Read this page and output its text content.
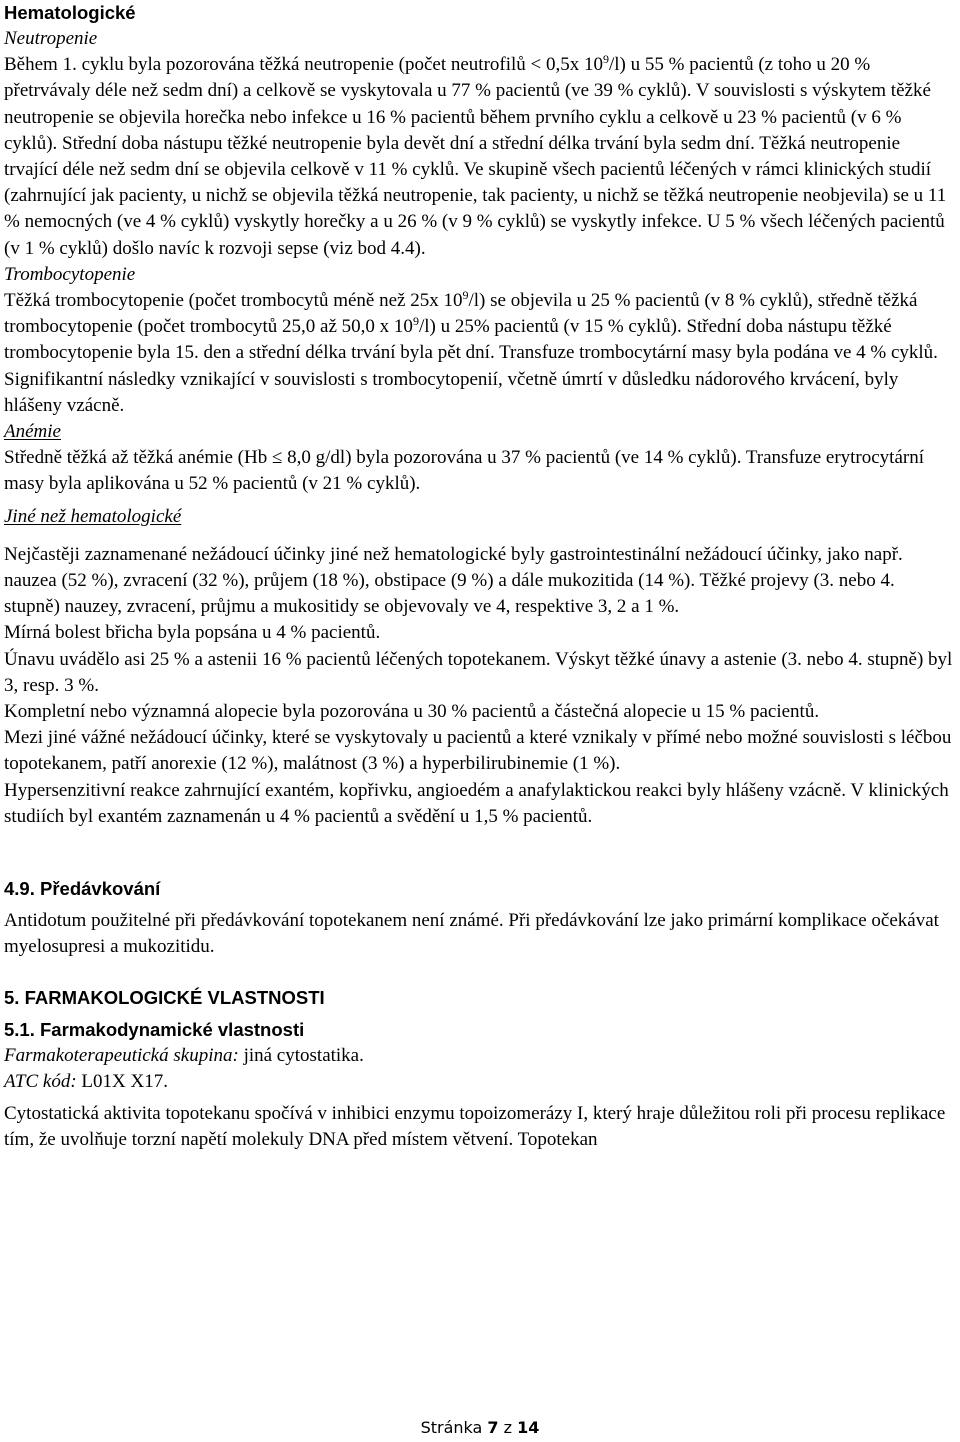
Hematologické

Neutropenie

Během 1. cyklu byla pozorována těžká neutropenie (počet neutrofilů < 0,5x $10^9/l$) u 55 % pacientů (z toho u 20 % přetrvávaly déle než sedm dní) a celkově se vyskytovala u 77 % pacientů (ve 39 % cyklů). V souvislosti s výskytem těžké neutropenie se objevila horečka nebo infekce u 16 % pacientů během prvního cyklu a celkově u 23 % pacientů (v 6 % cyklů). Střední doba nástupu těžké neutropenie byla devět dní a střední délka trvání byla sedm dní. Těžká neutropenie trvající déle než sedm dní se objevila celkově v 11 % cyklů. Ve skupině všech pacientů léčených v rámci klinických studií (zahrnující jak pacienty, u nichž se objevila těžká neutropenie, tak pacienty, u nichž se těžká neutropenie neobjevila) se u 11 % nemocných (ve 4 % cyklů) vyskytly horečky a u 26 % (v 9 % cyklů) se vyskytly infekce. U 5 % všech léčených pacientů (v 1 % cyklů) došlo navíc k rozvoji sepse (viz bod 4.4).

Trombocytopenie

Těžká trombocytopenie (počet trombocytů méně než 25x $10^9/l$) se objevila u 25 % pacientů (v 8 % cyklů), středně těžká trombocytopenie (počet trombocytů 25,0 až 50,0 x $10^9/l$) u 25% pacientů (v 15 % cyklů). Střední doba nástupu těžké trombocytopenie byla 15. den a střední délka trvání byla pět dní. Transfuze trombocytární masy byla podána ve 4 % cyklů. Signifikantní následky vznikající v souvislosti s trombocytopenií, včetně úmrtí v důsledku nádorového krvácení, byly hlášeny vzácně.

Anémie

Středně těžká až těžká anémie (Hb ≤ 8,0 g/dl) byla pozorována u 37 % pacientů (ve 14 % cyklů). Transfuze erytrocytární masy byla aplikována u 52 % pacientů (v 21 % cyklů).

Jiné než hematologické

Nejčastěji zaznamenané nežádoucí účinky jiné než hematologické byly gastrointestinální nežádoucí účinky, jako např. nauzea (52 %), zvracení (32 %), průjem (18 %), obstipace (9 %) a dále mukozitida (14 %). Těžké projevy (3. nebo 4. stupně) nauzey, zvracení, průjmu a mukositidy se objevovaly ve 4, respektive 3, 2 a 1 %.

Mírná bolest břicha byla popsána u 4 % pacientů.

Únavu uvádělo asi 25 % a astenii 16 % pacientů léčených topotekanem. Výskyt těžké únavy a astenie (3. nebo 4. stupně) byl 3, resp. 3 %.

Kompletní nebo významná alopecie byla pozorována u 30 % pacientů a částečná alopecie u 15 % pacientů.

Mezi jiné vážné nežádoucí účinky, které se vyskytovaly u pacientů a které vznikaly v přímé nebo možné souvislosti s léčbou topotekanem, patří anorexie (12 %), malátnost (3 %) a hyperbilirubinemie (1 %).

Hypersenzitivní reakce zahrnující exantém, kopřivku, angioedém a anafylaktickou reakci byly hlášeny vzácně. V klinických studiích byl exantém zaznamenán u 4 % pacientů a svědění u 1,5 % pacientů.

4.9. Předávkování

Antidotum použitelné při předávkování topotekanem není známé. Při předávkování lze jako primární komplikace očekávat myelosupresi a mukozitidu.

5. FARMAKOLOGICKÉ VLASTNOSTI

5.1. Farmakodynamické vlastnosti

Farmakoterapeutická skupina: jiná cytostatika.

ATC kód: L01X X17.

Cytostatická aktivita topotekanu spočívá v inhibici enzymu topoizomerázy I, který hraje důležitou roli při procesu replikace tím, že uvolňuje torzní napětí molekuly DNA před místem větvení. Topotekan

Stránka 7 z 14
